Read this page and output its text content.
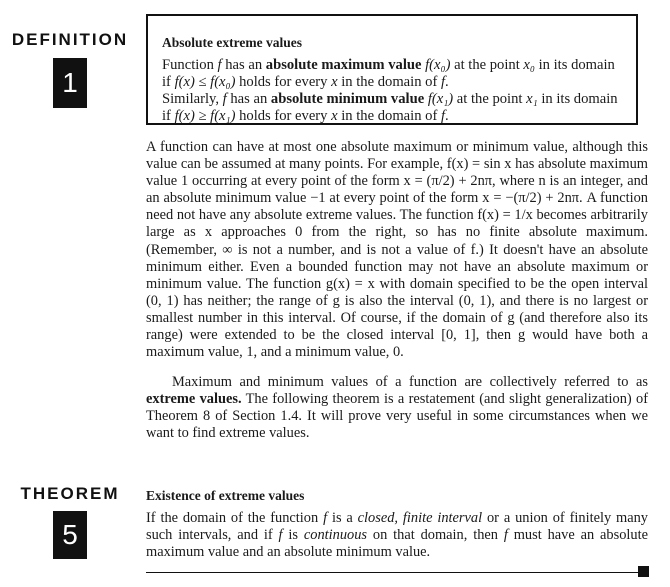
DEFINITION
1
Absolute extreme values

Function f has an absolute maximum value f(x₀) at the point x₀ in its domain

if f(x) ≤ f(x₀) holds for every x in the domain of f.

Similarly, f has an absolute minimum value f(x₁) at the point x₁ in its domain

if f(x) ≥ f(x₁) holds for every x in the domain of f.

A function can have at most one absolute maximum or minimum value, although this value can be assumed at many points. For example, f(x) = sin x has absolute maximum value 1 occurring at every point of the form x = (π/2) + 2nπ, where n is an integer, and an absolute minimum value −1 at every point of the form x = −(π/2) + 2nπ. A function need not have any absolute extreme values. The function f(x) = 1/x becomes arbitrarily large as x approaches 0 from the right, so has no finite absolute maximum. (Remember, ∞ is not a number, and is not a value of f.) It doesn't have an absolute minimum either. Even a bounded function may not have an absolute maximum or minimum value. The function g(x) = x with domain specified to be the open interval (0, 1) has neither; the range of g is also the interval (0, 1), and there is no largest or smallest number in this interval. Of course, if the domain of g (and therefore also its range) were extended to be the closed interval [0, 1], then g would have both a maximum value, 1, and a minimum value, 0.

Maximum and minimum values of a function are collectively referred to as extreme values. The following theorem is a restatement (and slight generalization) of Theorem 8 of Section 1.4. It will prove very useful in some circumstances when we want to find extreme values.

THEOREM
5

Existence of extreme values

If the domain of the function f is a closed, finite interval or a union of finitely many such intervals, and if f is continuous on that domain, then f must have an absolute maximum value and an absolute minimum value.
